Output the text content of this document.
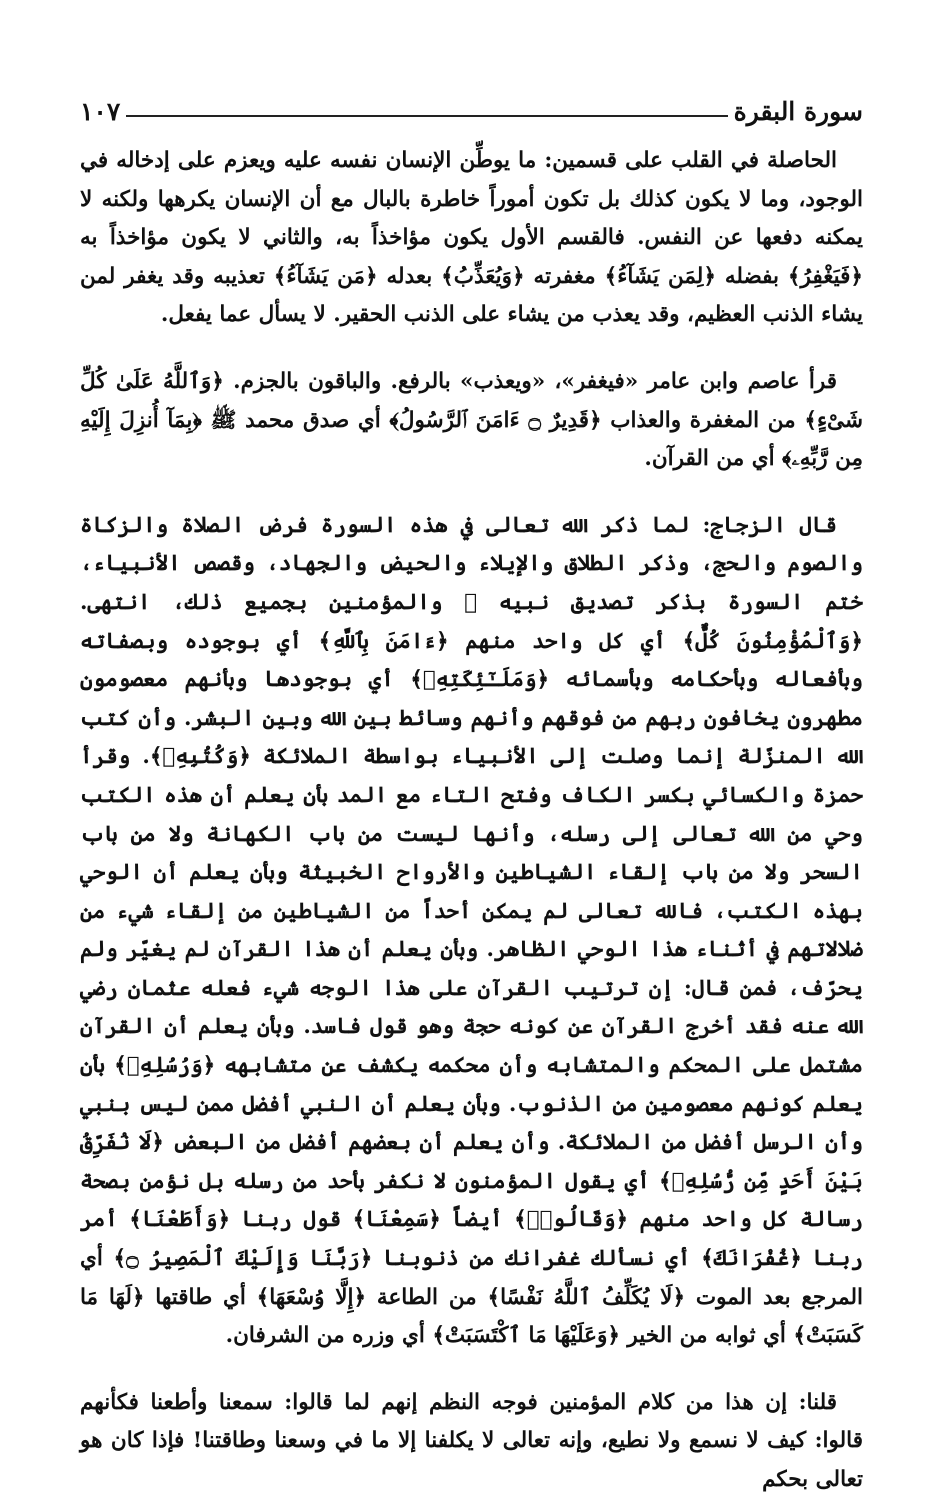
سورة البقرة
١٠٧

الحاصلة في القلب على قسمين: ما يوطِّن الإنسان نفسه عليه ويعزم على إدخاله في الوجود، وما لا يكون كذلك بل تكون أموراً خاطرة بالبال مع أن الإنسان يكرهها ولكنه لا يمكنه دفعها عن النفس. فالقسم الأول يكون مؤاخذاً به، والثاني لا يكون مؤاخذاً به ﴿فَيَغْفِرُ﴾ بفضله ﴿لِمَن يَشَآءُ﴾ مغفرته ﴿وَيُعَذِّبُ﴾ بعدله ﴿مَن يَشَآءُ﴾ تعذيبه وقد يغفر لمن يشاء الذنب العظيم، وقد يعذب من يشاء على الذنب الحقير. لا يسأل عما يفعل.

قرأ عاصم وابن عامر «فيغفر»، «ويعذب» بالرفع. والباقون بالجزم. ﴿وَٱللَّهُ عَلَىٰ كُلِّ شَىْءٍ﴾ من المغفرة والعذاب ﴿قَدِيرٌ ۝ ءَامَنَ ٱلرَّسُولُ﴾ أي صدق محمد ﷺ ﴿بِمَآ أُنزِلَ إِلَيْهِ مِن رَّبِّهِۦ﴾ أي من القرآن.

قال الزجاج: لما ذكر الله تعالى في هذه السورة فرض الصلاة والزكاة والصوم والحج، وذكر الطلاق والإيلاء والحيض والجهاد، وقصص الأنبياء، ختم السورة بذكر تصديق نبيه ﷺ والمؤمنين بجميع ذلك، انتهى. ﴿وَٱلْمُؤْمِنُونَ كُلٌّ﴾ أي كل واحد منهم ﴿ءَامَنَ بِٱللَّهِ﴾ أي بوجوده وبصفاته وبأفعاله وبأحكامه وبأسمائه ﴿وَمَلَـٰٓئِكَتِهِۦ﴾ أي بوجودها وبأنهم معصومون مطهرون يخافون ربهم من فوقهم وأنهم وسائط بين الله وبين البشر. وأن كتب الله المنزّلة إنما وصلت إلى الأنبياء بواسطة الملائكة ﴿وَكُتُبِهِۦ﴾. وقرأ حمزة والكسائي بكسر الكاف وفتح التاء مع المد بأن يعلم أن هذه الكتب وحي من الله تعالى إلى رسله، وأنها ليست من باب الكهانة ولا من باب السحر ولا من باب إلقاء الشياطين والأرواح الخبيثة وبأن يعلم أن الوحي بهذه الكتب، فالله تعالى لم يمكن أحداً من الشياطين من إلقاء شيء من ضلالاتهم في أثناء هذا الوحي الظاهر. وبأن يعلم أن هذا القرآن لم يغيّر ولم يحرّف، فمن قال: إن ترتيب القرآن على هذا الوجه شيء فعله عثمان رضي الله عنه فقد أخرج القرآن عن كونه حجة وهو قول فاسد. وبأن يعلم أن القرآن مشتمل على المحكم والمتشابه وأن محكمه يكشف عن متشابهه ﴿وَرُسُلِهِۦ﴾ بأن يعلم كونهم معصومين من الذنوب. وبأن يعلم أن النبي أفضل ممن ليس بنبي وأن الرسل أفضل من الملائكة. وأن يعلم أن بعضهم أفضل من البعض ﴿لَا نُفَرِّقُ بَيْنَ أَحَدٍ مِّن رُّسُلِهِۦ﴾ أي يقول المؤمنون لا نكفر بأحد من رسله بل نؤمن بصحة رسالة كل واحد منهم ﴿وَقَالُوا۟﴾ أيضاً ﴿سَمِعْنَا﴾ قول ربنا ﴿وَأَطَعْنَا﴾ أمر ربنا ﴿غُفْرَانَكَ﴾ أي نسألك غفرانك من ذنوبنا ﴿رَبَّنَا وَإِلَيْكَ ٱلْمَصِيرُ ۝﴾ أي المرجع بعد الموت ﴿لَا يُكَلِّفُ ٱللَّهُ نَفْسًا﴾ من الطاعة ﴿إِلَّا وُسْعَهَا﴾ أي طاقتها ﴿لَهَا مَا كَسَبَتْ﴾ أي ثوابه من الخير ﴿وَعَلَيْهَا مَا ٱكْتَسَبَتْ﴾ أي وزره من الشرفان.

قلنا: إن هذا من كلام المؤمنين فوجه النظم إنهم لما قالوا: سمعنا وأطعنا فكأنهم قالوا: كيف لا نسمع ولا نطيع، وإنه تعالى لا يكلفنا إلا ما في وسعنا وطاقتنا! فإذا كان هو تعالى بحكم
